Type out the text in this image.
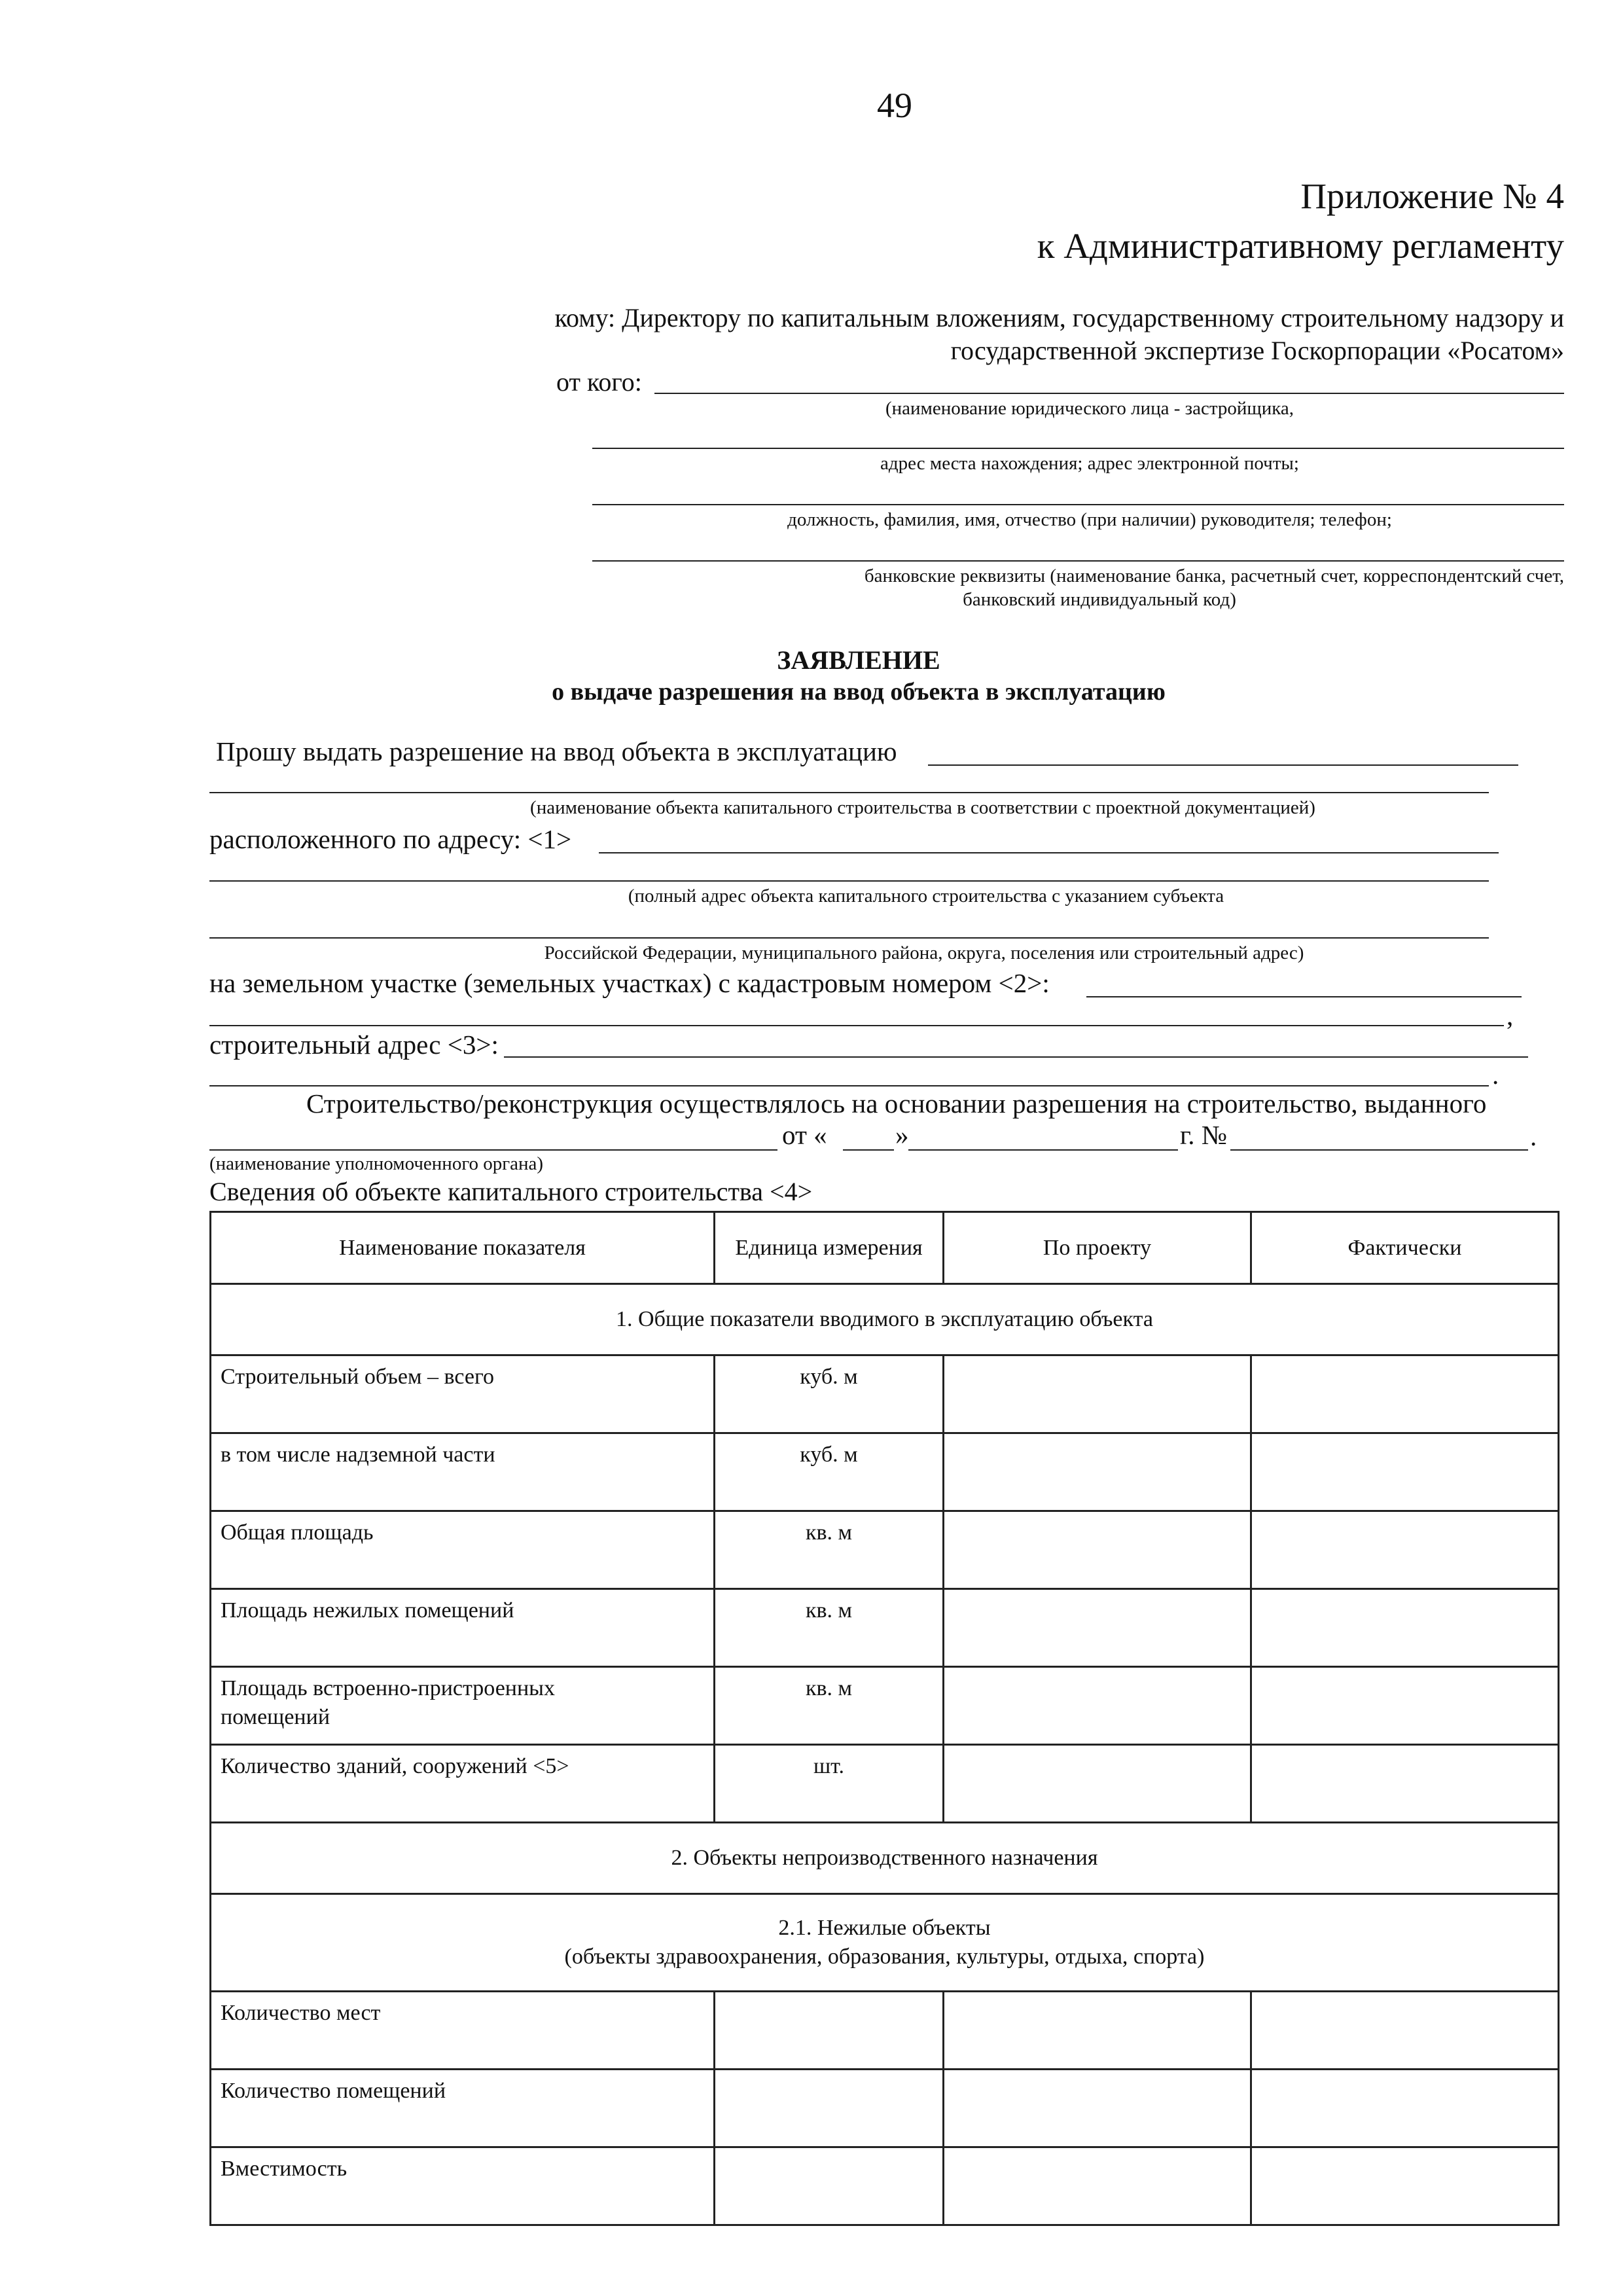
49
Приложение № 4
к Административному регламенту
кому: Директору по капитальным вложениям, государственному строительному надзору и
государственной экспертизе Госкорпорации «Росатом»
от кого:
(наименование юридического лица - застройщика,
адрес места нахождения; адрес электронной почты;
должность, фамилия, имя, отчество (при наличии) руководителя; телефон;
банковские реквизиты (наименование банка, расчетный счет, корреспондентский счет,
банковский индивидуальный код)
ЗАЯВЛЕНИЕ
о выдаче разрешения на ввод объекта в эксплуатацию
Прошу выдать разрешение на ввод объекта в эксплуатацию
(наименование объекта капитального строительства в соответствии с проектной документацией)
расположенного по адресу: <1>
(полный адрес объекта капитального строительства с указанием субъекта
Российской Федерации, муниципального района, округа, поселения или строительный адрес)
на земельном участке (земельных участках) с кадастровым номером <2>:
,
строительный адрес <3>:
.
Строительство/реконструкция осуществлялось на основании разрешения на строительство, выданного
от «	»	г. №	.
(наименование уполномоченного органа)
Сведения об объекте капитального строительства <4>
Наименование показателя	Единица измерения	По проекту	Фактически
1. Общие показатели вводимого в эксплуатацию объекта			
Строительный объем – всего	куб. м		
в том числе надземной части	куб. м		
Общая площадь	кв. м		
Площадь нежилых помещений	кв. м		
Площадь встроенно-пристроенных помещений	кв. м		
Количество зданий, сооружений <5>	шт.		
2. Объекты непроизводственного назначения			

2.1. Нежилые объекты
(объекты здравоохранения, образования, культуры, отдыха, спорта)			

Количество мест			
Количество помещений			
Вместимость			
